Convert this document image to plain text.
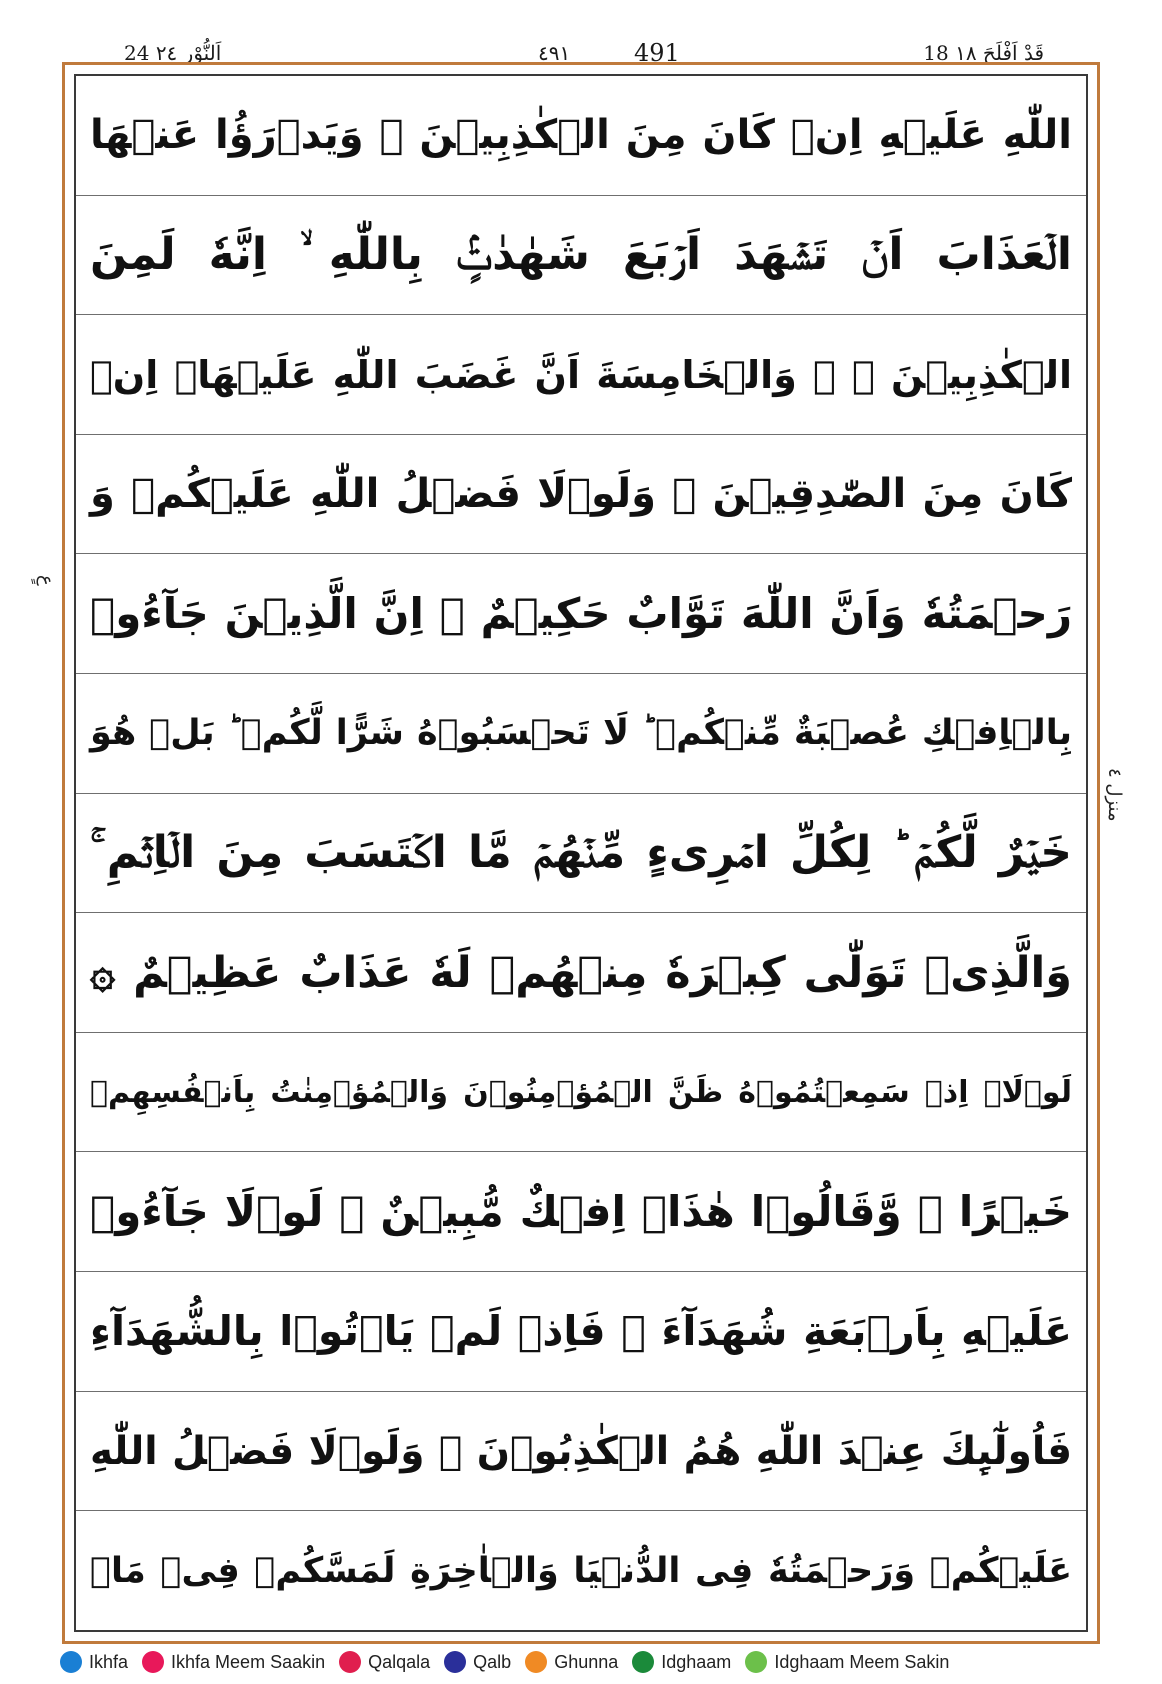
24 اَلنُّوْر ٢٤	٤٩١	491	18 قَدْ اَفْلَحَ ١٨
عٍ
منزل ٤
اللّٰهِ عَلَيۡهِ اِنۡ كَانَ مِنَ الۡكٰذِبِيۡنَ ۞ وَيَدۡرَؤُا عَنۡهَا
الۡعَذَابَ اَنۡ تَشۡهَدَ اَرۡبَعَ شَهٰدٰتٍۢ بِاللّٰهِ ۙ اِنَّهٗ لَمِنَ
الۡكٰذِبِيۡنَ ۙ ۞ وَالۡخَامِسَةَ اَنَّ غَضَبَ اللّٰهِ عَلَيۡهَاۤ اِنۡ
كَانَ مِنَ الصّٰدِقِيۡنَ ۞ وَلَوۡلَا فَضۡلُ اللّٰهِ عَلَيۡكُمۡ وَ
رَحۡمَتُهٗ وَاَنَّ اللّٰهَ تَوَّابٌ حَكِيۡمٌ ۞ اِنَّ الَّذِيۡنَ جَآءُوۡ
بِالۡاِفۡكِ عُصۡبَةٌ مِّنۡكُمۡ ؕ لَا تَحۡسَبُوۡهُ شَرًّا لَّكُمۡ ؕ بَلۡ هُوَ
خَيۡرٌ لَّكُمۡ ؕ لِكُلِّ امۡرِیءٍ مِّنۡهُمۡ مَّا اكۡتَسَبَ مِنَ الۡاِثۡمِ ۚ
وَالَّذِىۡ تَوَلّٰى كِبۡرَهٗ مِنۡهُمۡ لَهٗ عَذَابٌ عَظِيۡمٌ ۞
لَوۡلَاۤ اِذۡ سَمِعۡتُمُوۡهُ ظَنَّ الۡمُؤۡمِنُوۡنَ وَالۡمُؤۡمِنٰتُ بِاَنۡفُسِهِمۡ
خَيۡرًا ۙ وَّقَالُوۡا هٰذَاۤ اِفۡكٌ مُّبِيۡنٌ ۞ لَوۡلَا جَآءُوۡ
عَلَيۡهِ بِاَرۡبَعَةِ شُهَدَآءَ ۚ فَاِذۡ لَمۡ يَاۡتُوۡا بِالشُّهَدَآءِ
فَاُولٰٓٮِٕكَ عِنۡدَ اللّٰهِ هُمُ الۡكٰذِبُوۡنَ ۞ وَلَوۡلَا فَضۡلُ اللّٰهِ
عَلَيۡكُمۡ وَرَحۡمَتُهٗ فِى الدُّنۡيَا وَالۡاٰخِرَةِ لَمَسَّكُمۡ فِىۡ مَاۤ
Ikhfa Ikhfa Meem Saakin Qalqala Qalb Ghunna Idghaam Idghaam Meem Sakin
